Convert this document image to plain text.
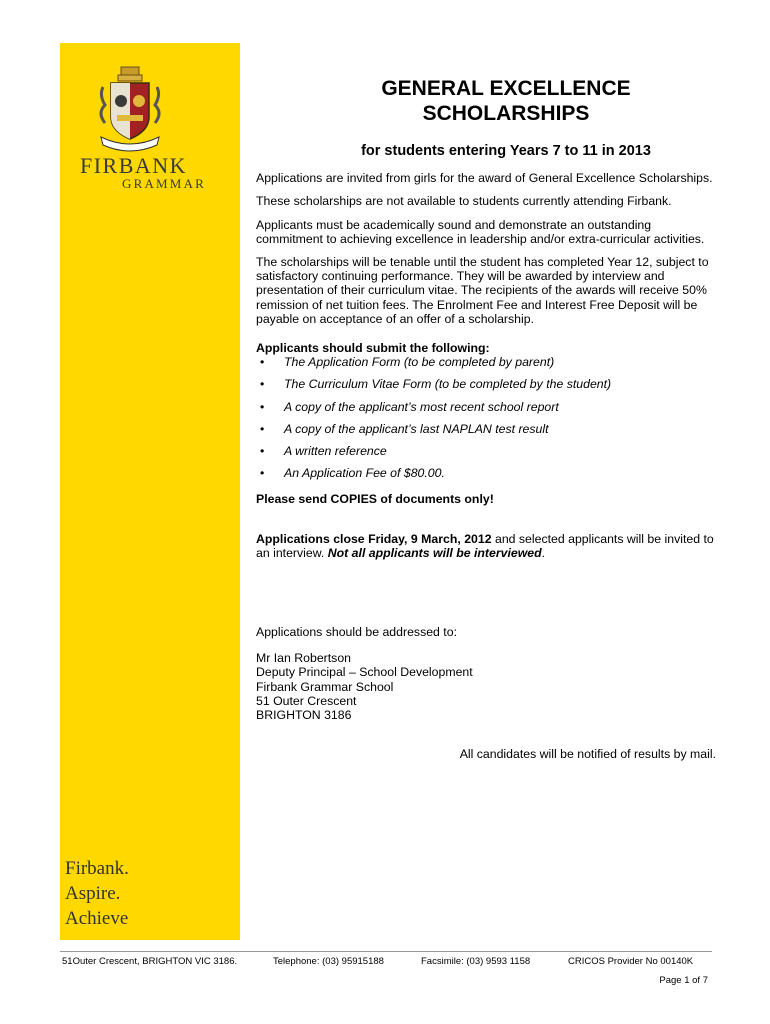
FIRBANK
GRAMMAR
Firbank.
Aspire.
Achieve
GENERAL EXCELLENCE
SCHOLARSHIPS
for students entering Years 7 to 11 in 2013

Applications are invited from girls for the award of General Excellence Scholarships.

These scholarships are not available to students currently attending Firbank.

Applicants must be academically sound and demonstrate an outstanding commitment to achieving excellence in leadership and/or extra-curricular activities.

The scholarships will be tenable until the student has completed Year 12, subject to satisfactory continuing performance. They will be awarded by interview and presentation of their curriculum vitae. The recipients of the awards will receive 50% remission of net tuition fees. The Enrolment Fee and Interest Free Deposit will be payable on acceptance of an offer of a scholarship.

Applicants should submit the following:
• The Application Form (to be completed by parent)
• The Curriculum Vitae Form (to be completed by the student)
• A copy of the applicant’s most recent school report
• A copy of the applicant’s last NAPLAN test result
• A written reference
• An Application Fee of $80.00.
Please send COPIES of documents only!
Applications close Friday, 9 March, 2012 and selected applicants will be invited to an interview. Not all applicants will be interviewed.
Applications should be addressed to:
Mr Ian Robertson
Deputy Principal – School Development
Firbank Grammar School
51 Outer Crescent
BRIGHTON 3186
All candidates will be notified of results by mail.
51Outer Crescent, BRIGHTON VIC 3186.	Telephone: (03) 95915188	Facsimile: (03) 9593 1158	CRICOS Provider No 00140K
Page 1 of 7
